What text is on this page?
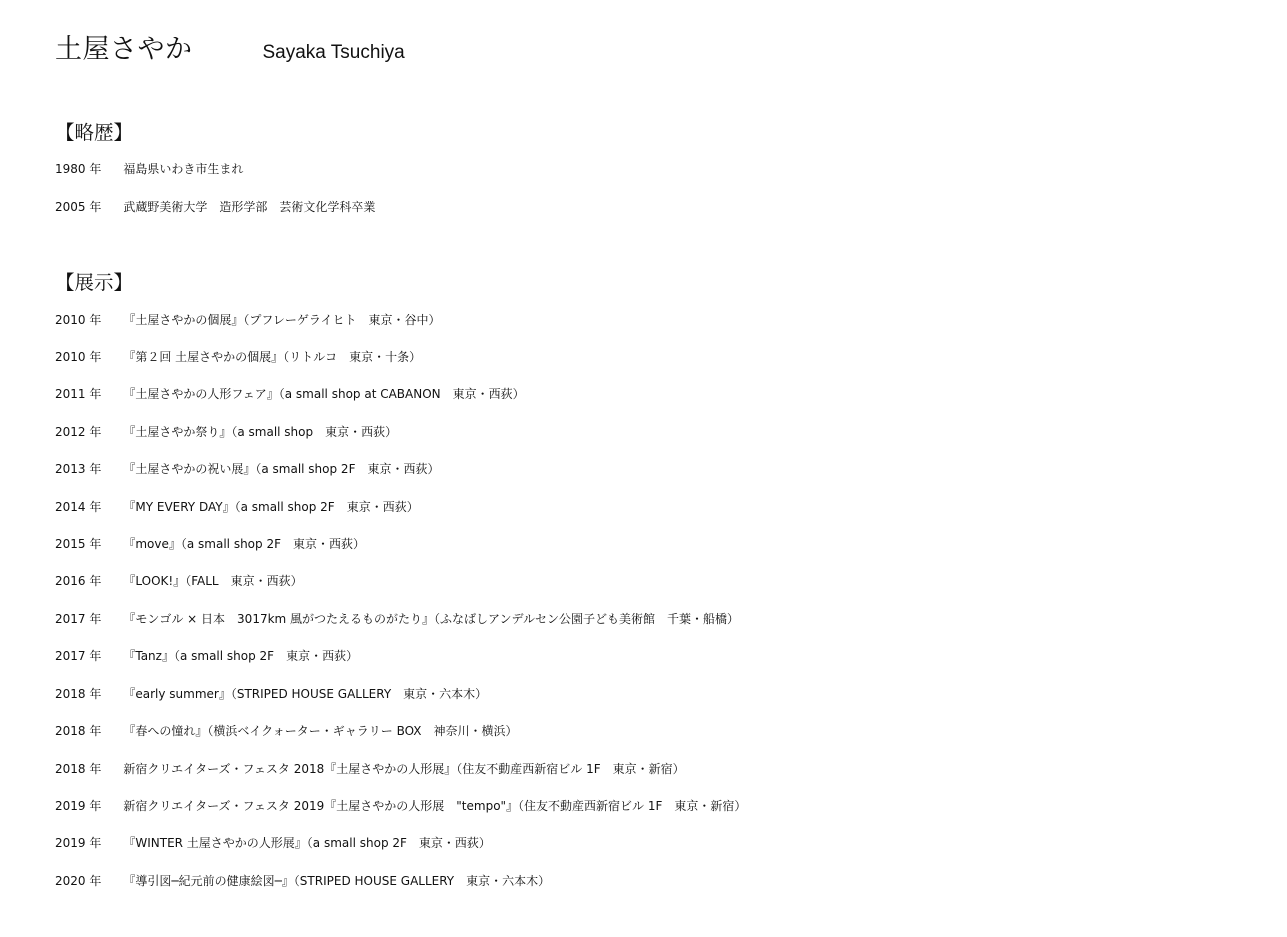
土屋さやか	Sayaka Tsuchiya
【略歴】
1980 年	福島県いわき市生まれ
2005 年	武蔵野美術大学　造形学部　芸術文化学科卒業
【展示】
2010 年	『土屋さやかの個展』（プフレーゲライヒト　東京・谷中）
2010 年	『第２回 土屋さやかの個展』（リトルコ　東京・十条）
2011 年	『土屋さやかの人形フェア』（a small shop at CABANON　東京・西荻）
2012 年	『土屋さやか祭り』（a small shop　東京・西荻）
2013 年	『土屋さやかの祝い展』（a small shop 2F　東京・西荻）
2014 年	『MY EVERY DAY』（a small shop 2F　東京・西荻）
2015 年	『move』（a small shop 2F　東京・西荻）
2016 年	『LOOK!』（FALL　東京・西荻）
2017 年	『モンゴル × 日本　3017km 風がつたえるものがたり』（ふなばしアンデルセン公園子ども美術館　千葉・船橋）
2017 年	『Tanz』（a small shop 2F　東京・西荻）
2018 年	『early summer』（STRIPED HOUSE GALLERY　東京・六本木）
2018 年	『春への憧れ』（横浜ベイクォーター・ギャラリー BOX　神奈川・横浜）
2018 年	新宿クリエイターズ・フェスタ 2018『土屋さやかの人形展』（住友不動産西新宿ビル 1F　東京・新宿）
2019 年	新宿クリエイターズ・フェスタ 2019『土屋さやかの人形展　"tempo"』（住友不動産西新宿ビル 1F　東京・新宿）
2019 年	『WINTER 土屋さやかの人形展』（a small shop 2F　東京・西荻）
2020 年	『導引図─紀元前の健康絵図─』（STRIPED HOUSE GALLERY　東京・六本木）
